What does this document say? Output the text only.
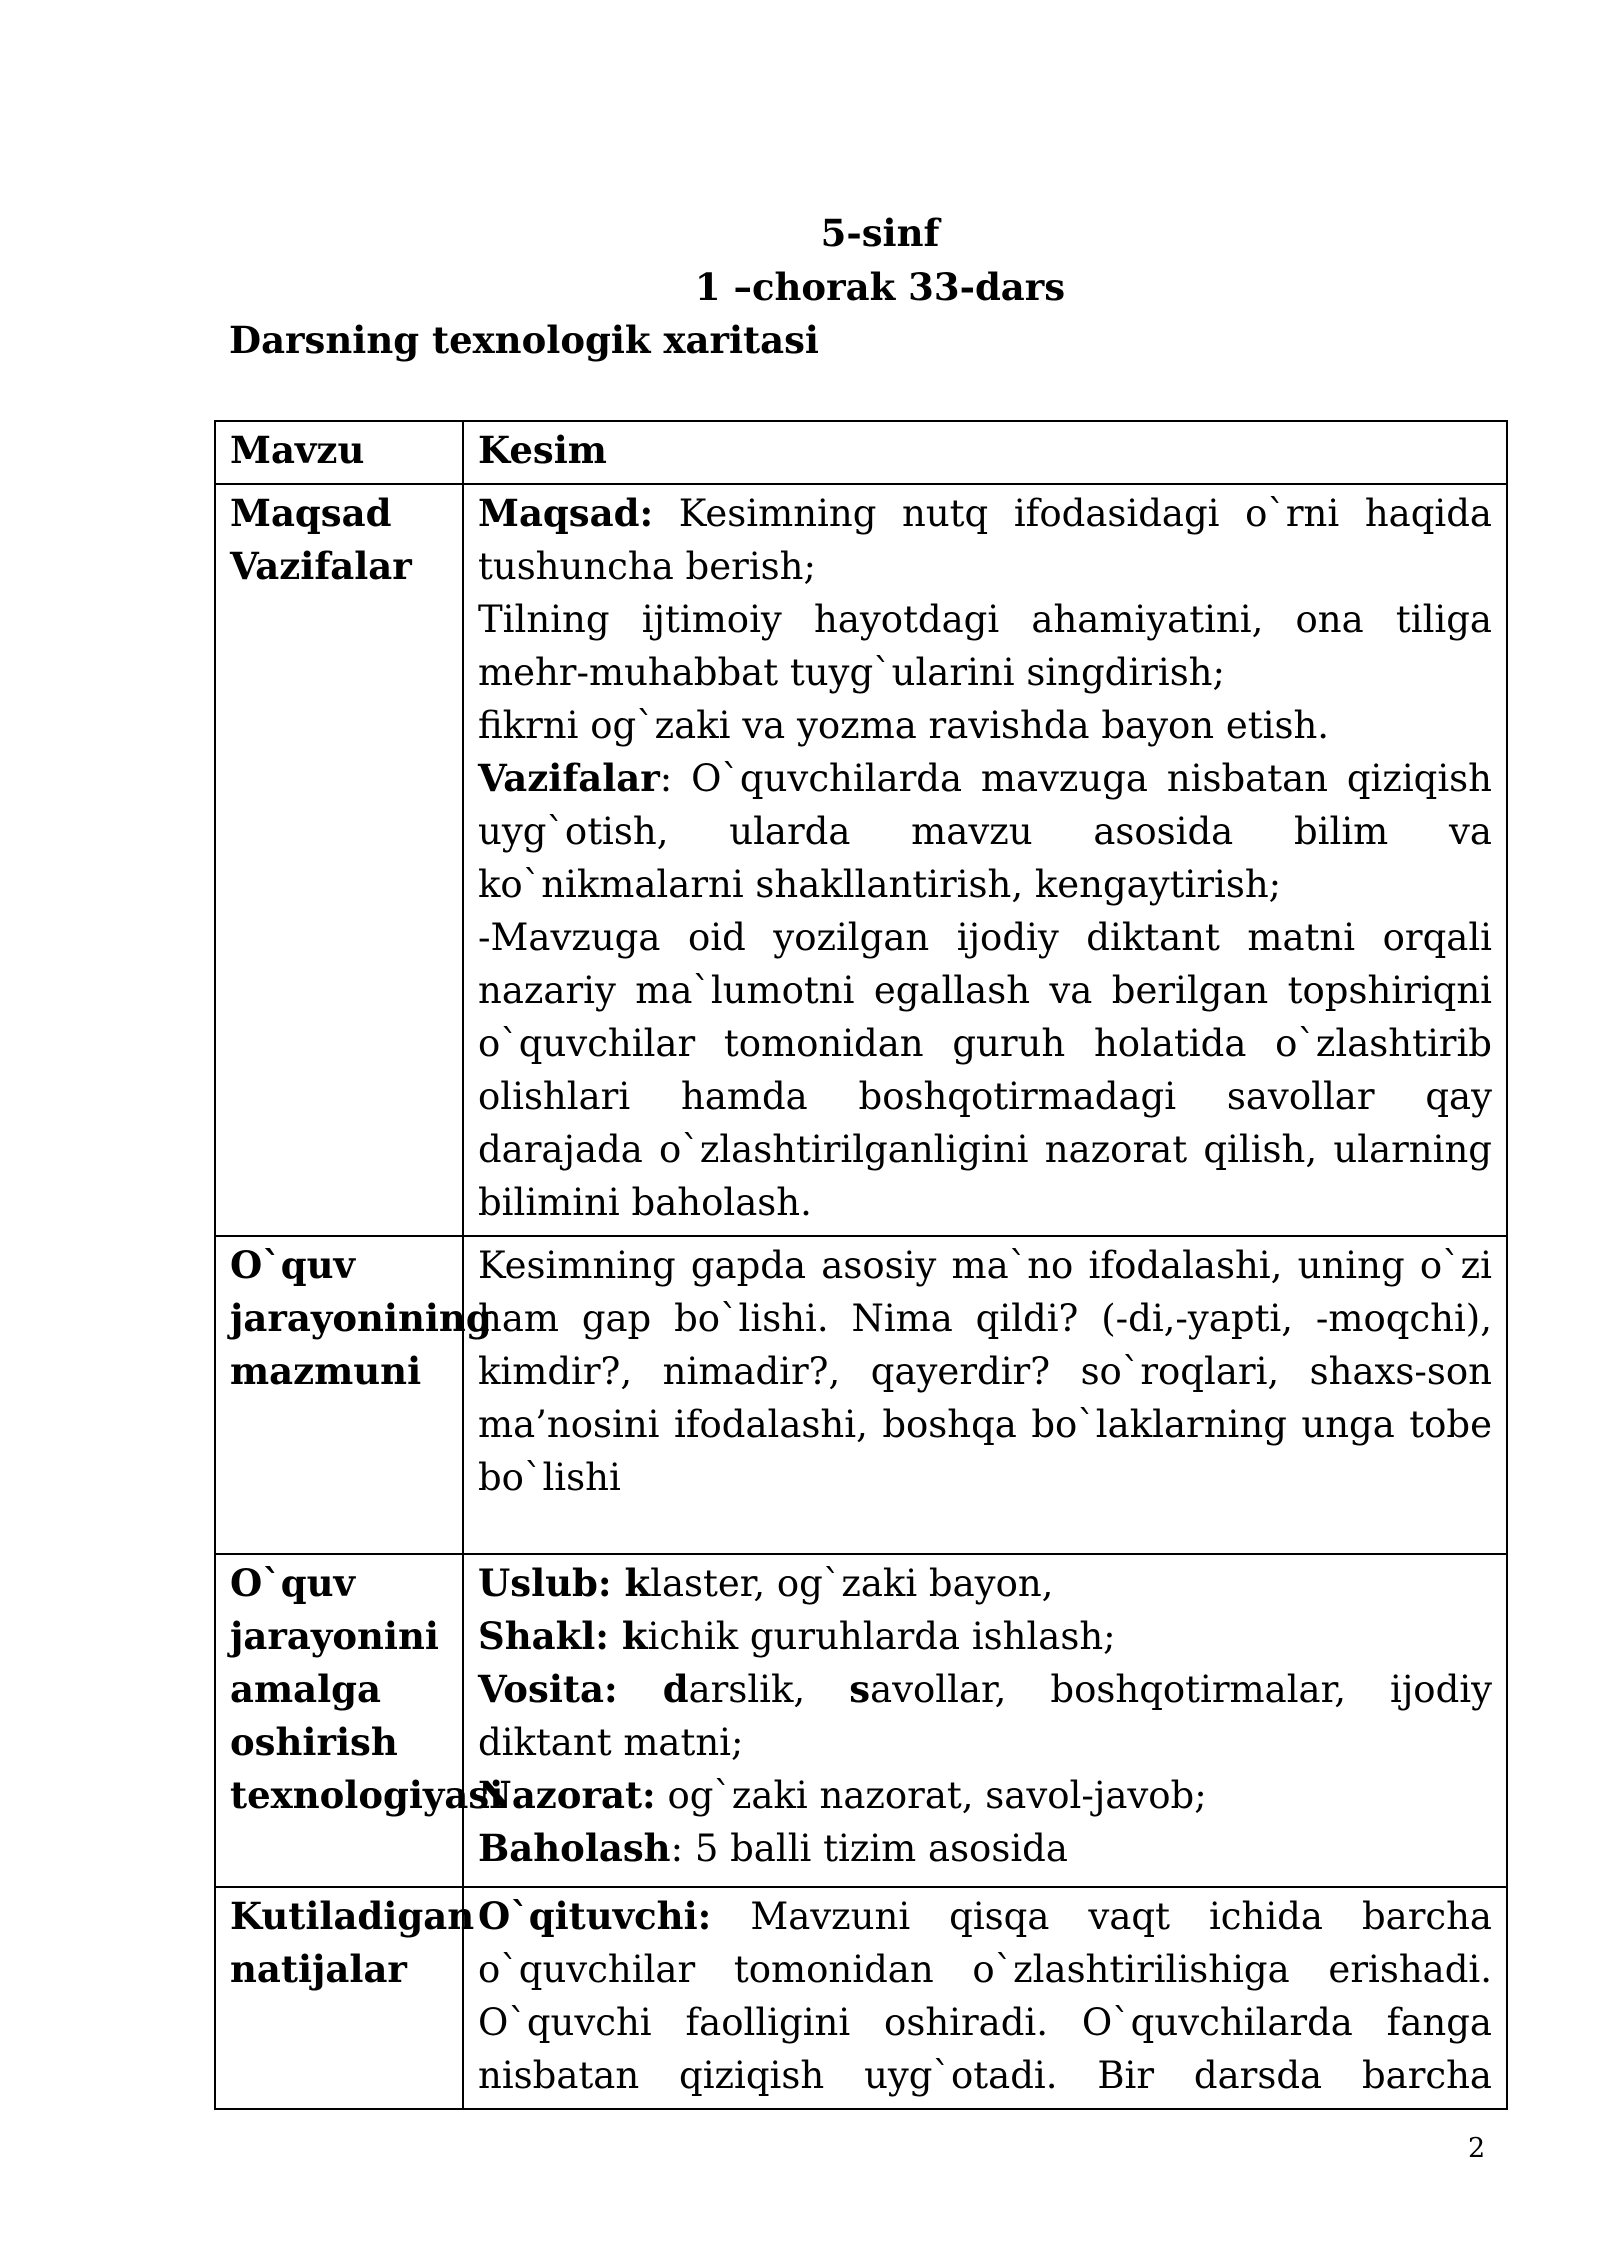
5-sinf
1 –chorak 33-dars
Darsning texnologik xaritasi
Mavzu	Kesim
Maqsad Vazifalar	Maqsad: Kesimning nutq ifodasidagi o`rni haqida tushuncha berish;
Tilning ijtimoiy hayotdagi ahamiyatini, ona tiliga mehr-muhabbat tuyg`ularini singdirish;
fikrni og`zaki va yozma ravishda bayon etish.
Vazifalar: O`quvchilarda mavzuga nisbatan qiziqish uyg`otish, ularda mavzu asosida bilim va ko`nikmalarni shakllantirish, kengaytirish;
-Mavzuga oid yozilgan ijodiy diktant matni orqali nazariy ma`lumotni egallash va berilgan topshiriqni o`quvchilar tomonidan guruh holatida o`zlashtirib olishlari hamda boshqotirmadagi savollar qay darajada o`zlashtirilganligini nazorat qilish, ularning bilimini baholash.

O`quv jarayonining mazmuni	Kesimning gapda asosiy ma`no ifodalashi, uning o`zi ham gap bo`lishi. Nima qildi? (-di,-yapti, -moqchi), kimdir?, nimadir?, qayerdir? so`roqlari, shaxs-son ma’nosini ifodalashi, boshqa bo`laklarning unga tobe bo`lishi
O`quv jarayonini amalga oshirish texnologiyasi	Uslub: klaster, og`zaki bayon,
Shakl: kichik guruhlarda ishlash;
Vosita: darslik, savollar, boshqotirmalar, ijodiy diktant matni;
Nazorat: og`zaki nazorat, savol-javob;
Baholash: 5 balli tizim asosida

Kutiladigan natijalar	O`qituvchi: Mavzuni qisqa vaqt ichida barcha o`quvchilar tomonidan o`zlashtirilishiga erishadi. O`quvchi faolligini oshiradi. O`quvchilarda fanga nisbatan qiziqish uyg`otadi. Bir darsda barcha
2
